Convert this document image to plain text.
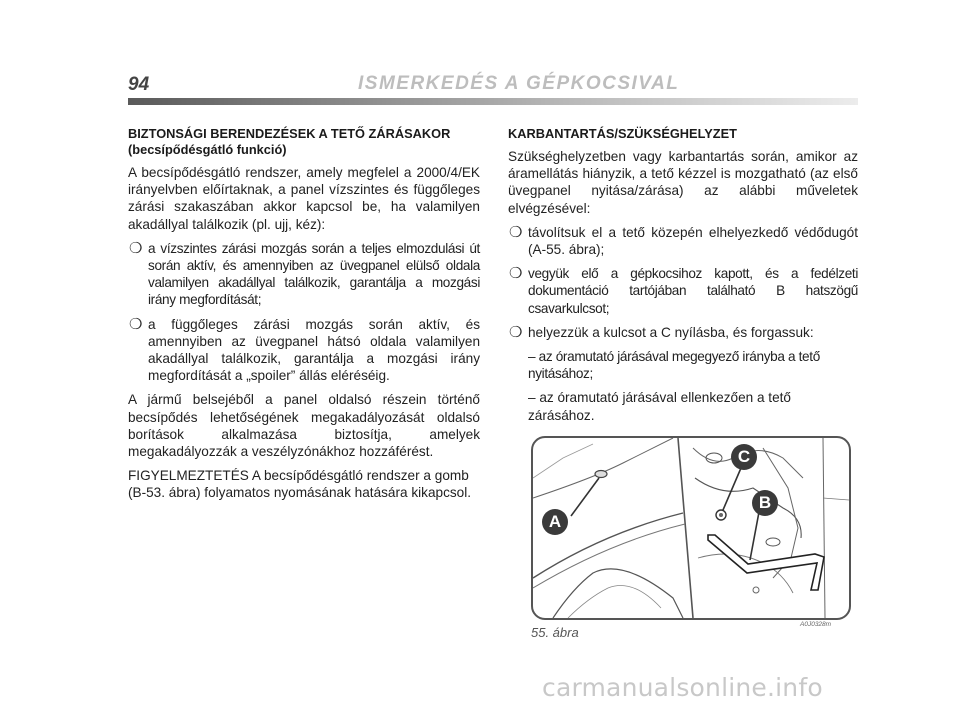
94	ISMERKEDÉS A GÉPKOCSIVAL
BIZTONSÁGI BERENDEZÉSEK A TETŐ ZÁRÁSAKOR
(becsípődésgátló funkció)

A becsípődésgátló rendszer, amely megfelel a 2000/4/EK irányelvben előírtaknak, a panel vízszintes és függőleges zárási szakaszában akkor kapcsol be, ha valamilyen akadállyal találkozik (pl. ujj, kéz):

❍ a vízszintes zárási mozgás során a teljes elmozdulási út során aktív, és amennyiben az üvegpanel elülső oldala valamilyen akadállyal találkozik, garantálja a mozgási irány megfordítását;
❍ a függőleges zárási mozgás során aktív, és amennyiben az üvegpanel hátsó oldala valamilyen akadállyal találkozik, garantálja a mozgási irány megfordítását a „spoiler” állás eléréséig.

A jármű belsejéből a panel oldalsó részein történő becsípődés lehetőségének megakadályozását oldalsó borítások alkalmazása biztosítja, amelyek megakadályozzák a veszélyzónákhoz hozzáférést.

FIGYELMEZTETÉS A becsípődésgátló rendszer a gomb (B-53. ábra) folyamatos nyomásának hatására kikapcsol.

KARBANTARTÁS/SZÜKSÉGHELYZET

Szükséghelyzetben vagy karbantartás során, amikor az áramellátás hiányzik, a tető kézzel is mozgatható (az első üvegpanel nyitása/zárása) az alábbi műveletek elvégzésével:

❍ távolítsuk el a tető közepén elhelyezkedő védődugót (A-55. ábra);
❍ vegyük elő a gépkocsihoz kapott, és a fedélzeti dokumentáció tartójában található B hatszögű csavarkulcsot;
❍ helyezzük a kulcsot a C nyílásba, és forgassuk:
– az óramutató járásával megegyező irányba a tető nyitásához;
– az óramutató járásával ellenkezően a tető zárásához.
A
C
B
55. ábra
A0J0328m
carmanualsonline.info
